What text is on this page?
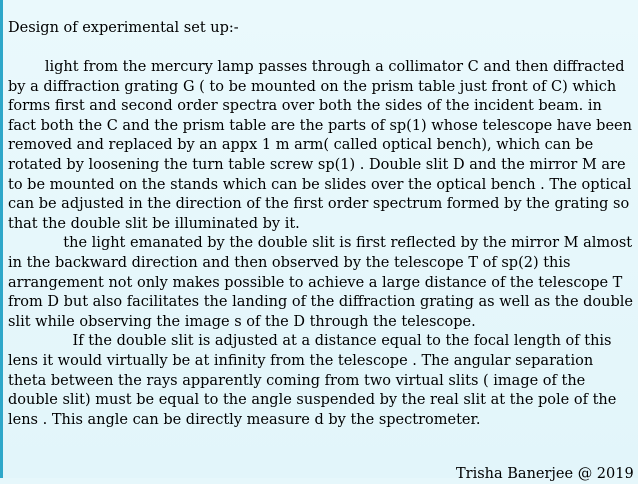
Design of experimental set up:-

light from the mercury lamp passes through a collimator C and then diffracted by a diffraction grating G ( to be mounted on the prism table just front of C) which forms first and second order spectra over both the sides of the incident beam. in fact both the C and the prism table are the parts of sp(1) whose telescope have been removed and replaced by an appx 1 m arm( called optical bench), which can be rotated by loosening the turn table screw sp(1) . Double slit D and the mirror M are to be mounted on the stands which can be slides over the optical bench . The optical can be adjusted in the direction of the first order spectrum formed by the grating so that the double slit be illuminated by it.

the light emanated by the double slit is first reflected by the mirror M almost in the backward direction and then observed by the telescope T of sp(2) this arrangement not only makes possible to achieve a large distance of the telescope T from D but also facilitates the landing of the diffraction grating as well as the double slit while observing the image s of the D through the telescope.

If the double slit is adjusted at a distance equal to the focal length of this lens it would virtually be at infinity from the telescope . The angular separation theta between the rays apparently coming from two virtual slits ( image of the double slit) must be equal to the angle suspended by the real slit at the pole of the lens . This angle can be directly measure d by the spectrometer.

Trisha Banerjee @ 2019
